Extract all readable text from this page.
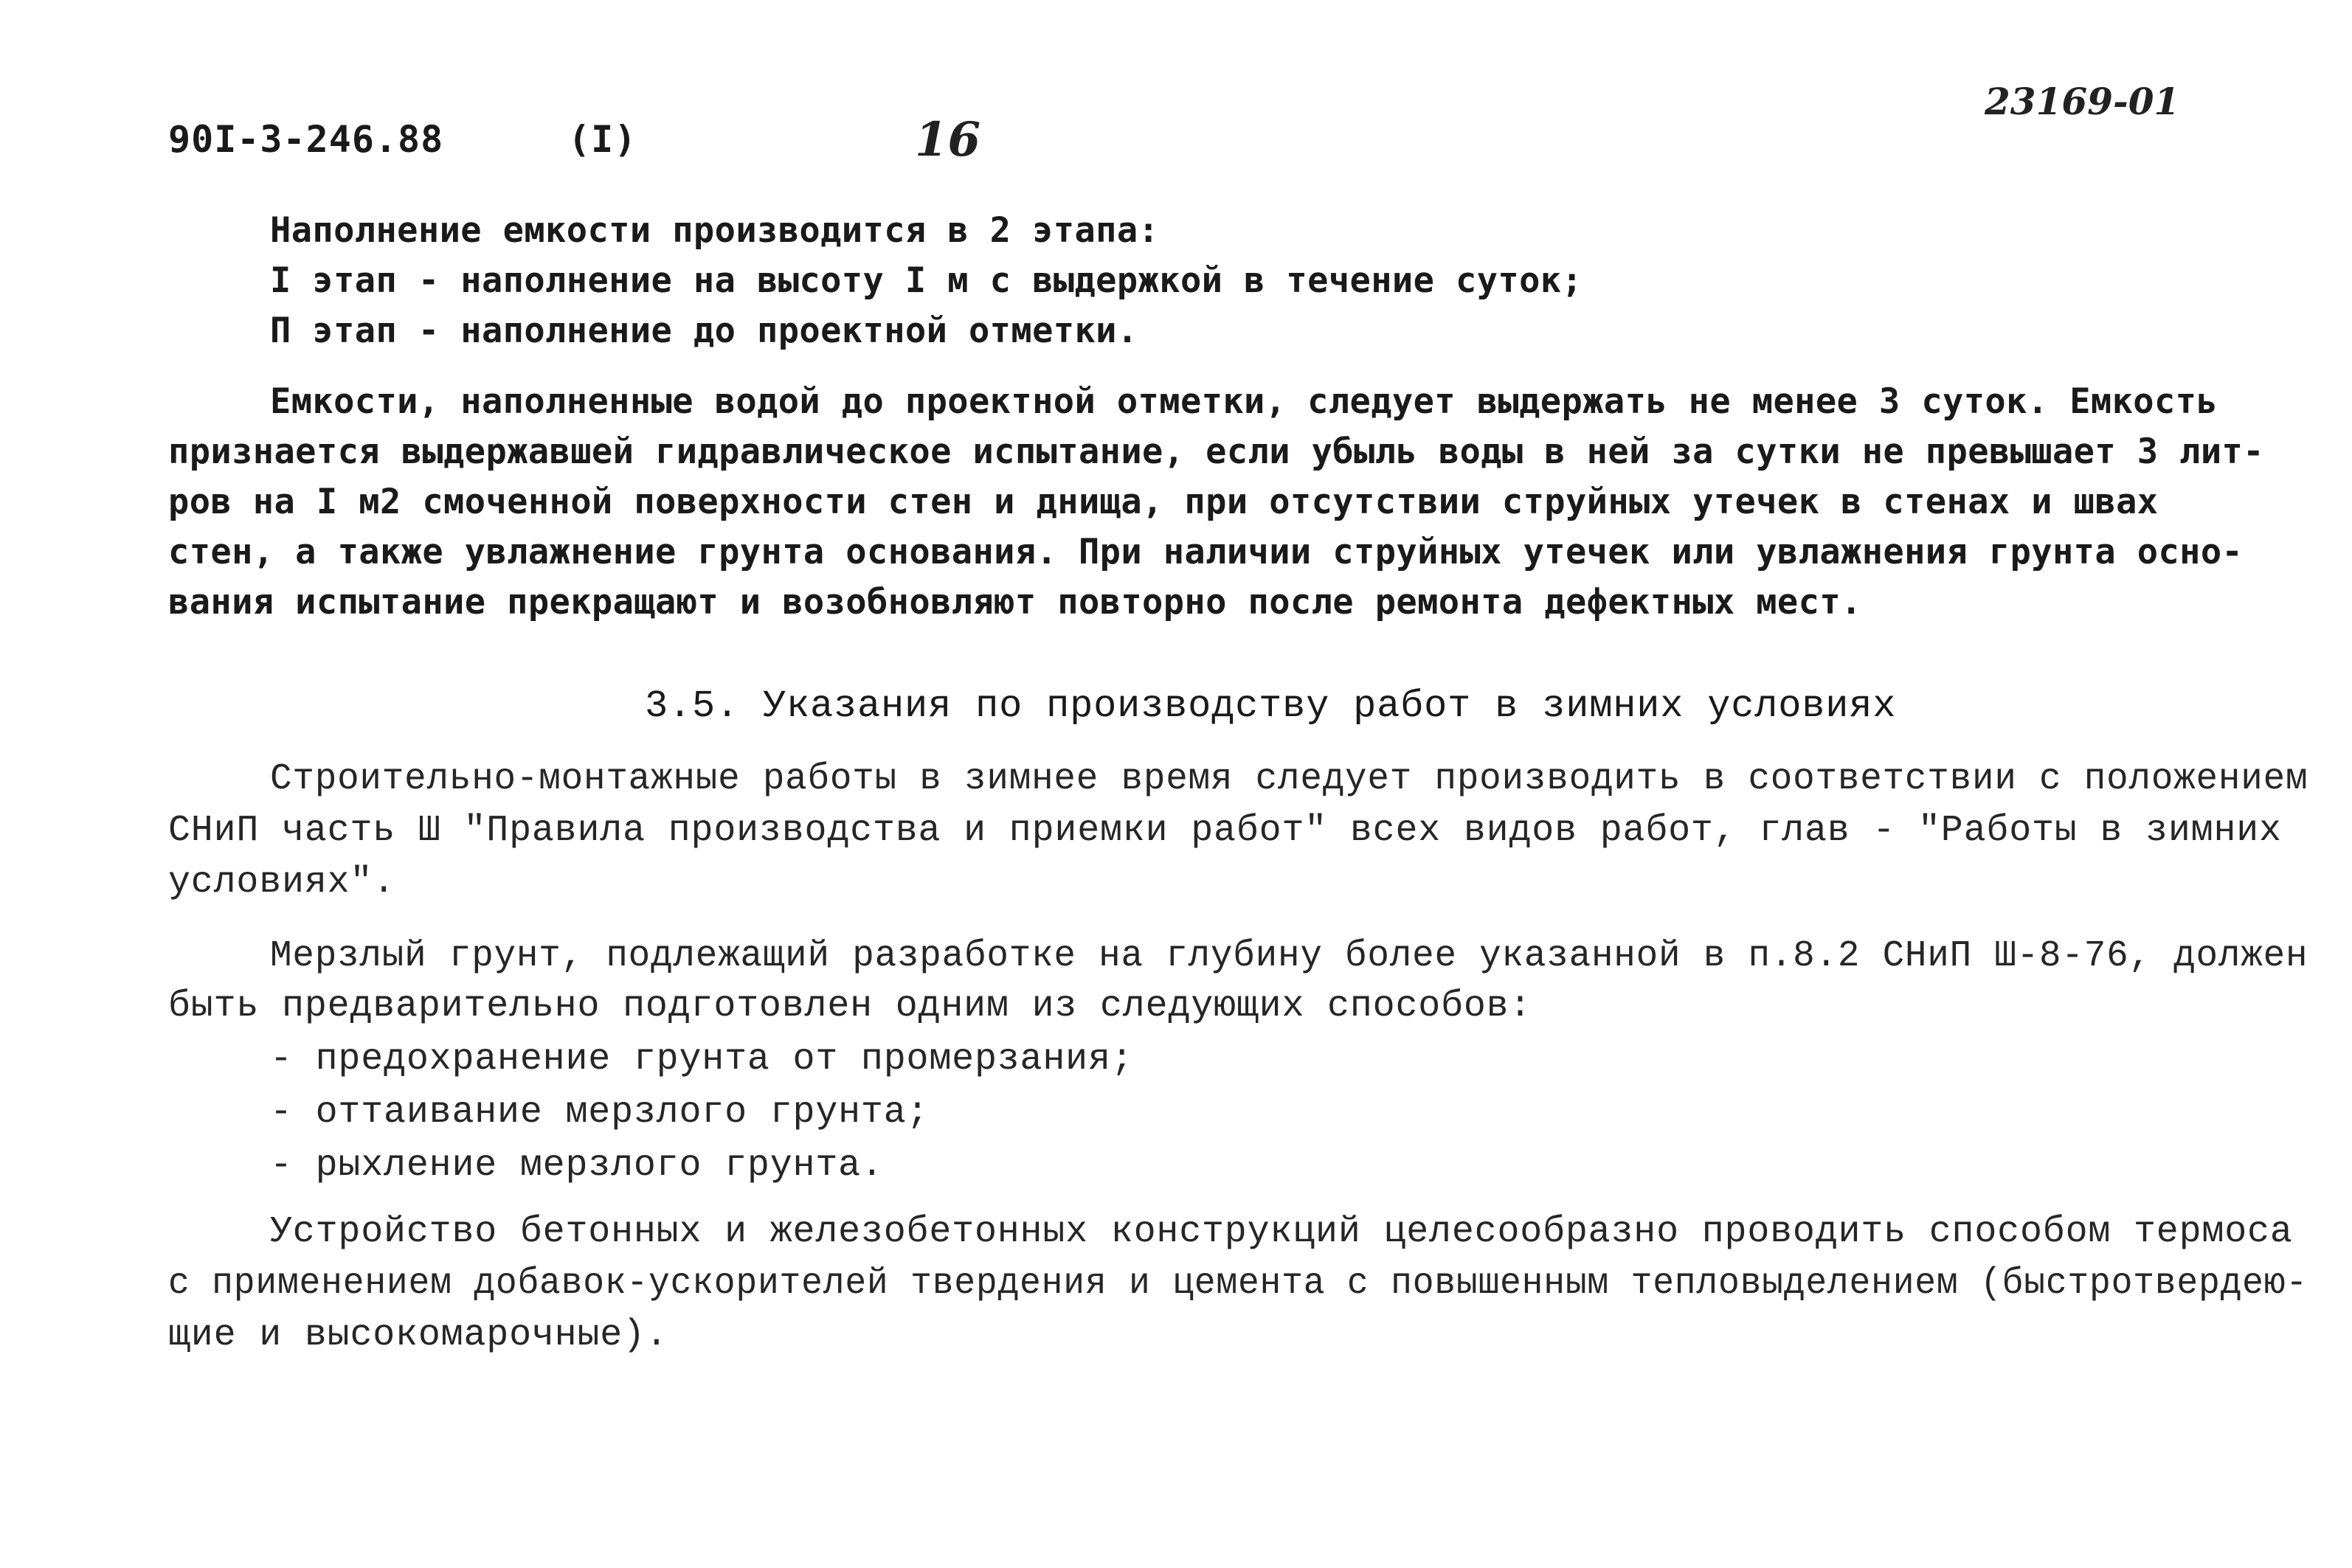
90I-3-246.88	(I)	16
23169-01
Наполнение емкости производится в 2 этапа:
I этап - наполнение на высоту I м с выдержкой в течение суток;
П этап - наполнение до проектной отметки.
Емкости, наполненные водой до проектной отметки, следует выдержать не менее 3 суток. Емкость
признается выдержавшей гидравлическое испытание, если убыль воды в ней за сутки не превышает 3 лит-
ров на I м2 смоченной поверхности стен и днища, при отсутствии струйных утечек в стенах и швах
стен, а также увлажнение грунта основания. При наличии струйных утечек или увлажнения грунта осно-
вания испытание прекращают и возобновляют повторно после ремонта дефектных мест.
3.5. Указания по производству работ в зимних условиях
Строительно-монтажные работы в зимнее время следует производить в соответствии с положением
СНиП часть Ш "Правила производства и приемки работ" всех видов работ, глав - "Работы в зимних
условиях".
Мерзлый грунт, подлежащий разработке на глубину более указанной в п.8.2 СНиП Ш-8-76, должен
быть предварительно подготовлен одним из следующих способов:
- предохранение грунта от промерзания;
- оттаивание мерзлого грунта;
- рыхление мерзлого грунта.
Устройство бетонных и железобетонных конструкций целесообразно проводить способом термоса
с применением добавок-ускорителей твердения и цемента с повышенным тепловыделением (быстротвердею-
щие и высокомарочные).
